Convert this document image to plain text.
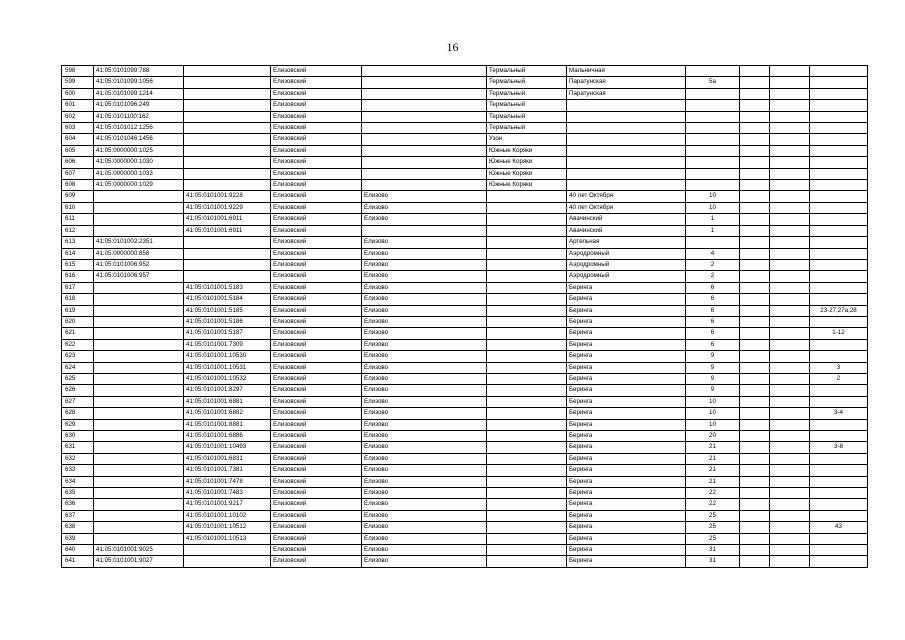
16
598	41:05:0101099:788		Елизовский		Термальный	Мальничная				
599	41:05:0101099:1056		Елизовский		Термальный	Паратунская	5а			
600	41:05:0101099:1214		Елизовский		Термальный	Паратунская				
601	41:05:0101096:249		Елизовский		Термальный					
602	41:05:0101100:162		Елизовский		Термальный					
603	41:05:0101012:1256		Елизовский		Термальный					
604	41:05:0101046:1456		Елизовский		Узон					
605	41:05:0000000:1025		Елизовский		Южные Коряки					
606	41:05:0000000:1030		Елизовский		Южные Коряки					
607	41:05:0000000:1033		Елизовский		Южные Коряки					
608	41:05:0000000:1029		Елизовский		Южные Коряки					
609		41:05:0101001:9228	Елизовский	Елизово		40 лет Октября	10			
610		41:05:0101001:9229	Елизовский	Елизово		40 лет Октября	10			
611		41:05:0101001:6911	Елизовский	Елизово		Авачинский	1			
612		41:05:0101001:6911	Елизовский			Авачинский	1			
613	41:05:0101002:2351		Елизовский	Елизово		Артельная				
614	41:05:0000000:858		Елизовский	Елизово		Аэродромный	4			
615	41:05:0101006:952		Елизовский	Елизово		Аэродромный	2			
616	41:05:0101006:957		Елизовский	Елизово		Аэродромный	2			
617		41:05:0101001:5183	Елизовский	Елизово		Беринга	6			
618		41:05:0101001:5184	Елизовский	Елизово		Беринга	6			
619		41:05:0101001:5185	Елизовский	Елизово		Беринга	6			23-27,27а,28
620		41:05:0101001:5186	Елизовский	Елизово		Беринга	6			
621		41:05:0101001:5187	Елизовский	Елизово		Беринга	6			1-12
622		41:05:0101001:7309	Елизовский	Елизово		Беринга	6			
623		41:05:0101001:10530	Елизовский	Елизово		Беринга	9			
624		41:05:0101001:10531	Елизовский	Елизово		Беринга	9			3
625		41:05:0101001:10532	Елизовский	Елизово		Беринга	9			2
626		41:05:0101001:8297	Елизовский	Елизово		Беринга	9			
627		41:05:0101001:6881	Елизовский	Елизово		Беринга	10			
628		41:05:0101001:6882	Елизовский	Елизово		Беринга	10			3-4
629		41:05:0101001:8881	Елизовский	Елизово		Беринга	10			
630		41:05:0101001:6886	Елизовский	Елизово		Беринга	20			
631		41:05:0101001:10493	Елизовский	Елизово		Беринга	21			3-8
632		41:05:0101001:6831	Елизовский	Елизово		Беринга	21			
633		41:05:0101001:7381	Елизовский	Елизово		Беринга	21			
634		41:05:0101001:7478	Елизовский	Елизово		Беринга	21			
635		41:05:0101001:7483	Елизовский	Елизово		Беринга	22			
636		41:05:0101001:9217	Елизовский	Елизово		Беринга	22			
637		41:05:0101001:10102	Елизовский	Елизово		Беринга	25			
638		41:05:0101001:10512	Елизовский	Елизово		Беринга	25			43
639		41:05:0101001:10513	Елизовский	Елизово		Беринга	25			
640	41:05:0101001:9025		Елизовский	Елизово		Беринга	31			
641	41:05:0101001:9027		Елизовский	Елизово		Беринга	31			
